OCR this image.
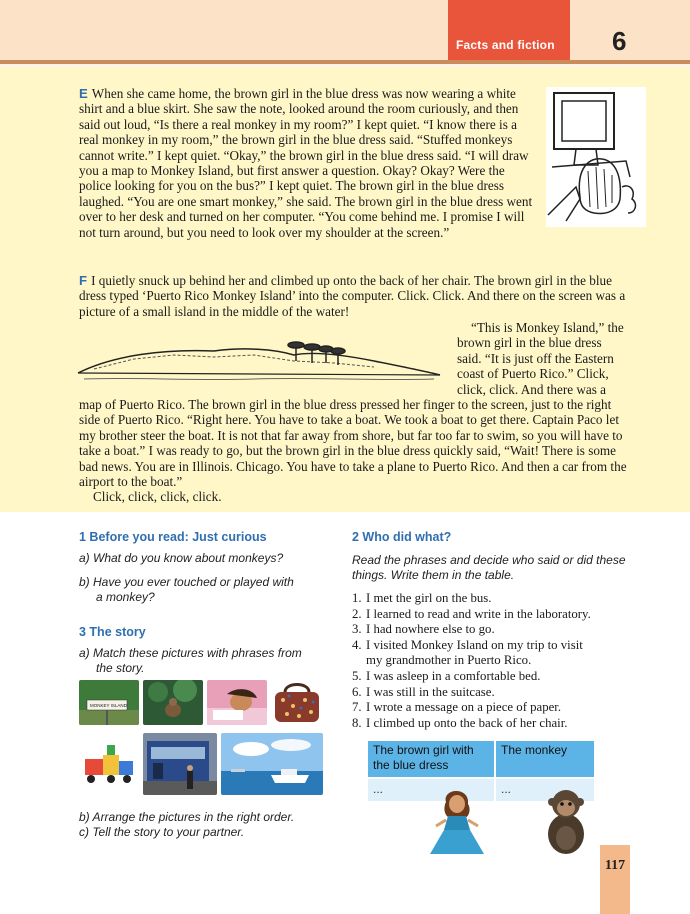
Facts and fiction 6

E When she came home, the brown girl in the blue dress was now wearing a white shirt and a blue skirt. She saw the note, looked around the room curiously, and then said out loud, “Is there a real monkey in my room?” I kept quiet. “I know there is a real monkey in my room,” the brown girl in the blue dress said. “Stuffed monkeys cannot write.” I kept quiet. “Okay,” the brown girl in the blue dress said. “I will draw you a map to Monkey Island, but first answer a question. Okay? Okay? Were the police looking for you on the bus?” I kept quiet. The brown girl in the blue dress laughed. “You are one smart monkey,” she said. The brown girl in the blue dress went over to her desk and turned on her computer. “You come behind me. I promise I will not turn around, but you need to look over my shoulder at the screen.”

F I quietly snuck up behind her and climbed up onto the back of her chair. The brown girl in the blue dress typed ‘Puerto Rico Monkey Island’ into the computer. Click. Click. And there on the screen was a picture of a small island in the middle of the water!

“This is Monkey Island,” the brown girl in the blue dress said. “It is just off the Eastern coast of Puerto Rico.” Click, click, click. And there was a

map of Puerto Rico. The brown girl in the blue dress pressed her finger to the screen, just to the right side of Puerto Rico. “Right here. You have to take a boat. We took a boat to get there. Captain Paco let my brother steer the boat. It is not that far away from shore, but far too far to swim, so you will have to take a boat.” I was ready to go, but the brown girl in the blue dress quickly said, “Wait! There is some bad news. You are in Illinois. Chicago. You have to take a plane to Puerto Rico. And then a car from the airport to the boat.”

Click, click, click, click.

1 Before you read: Just curious
a) What do you know about monkeys?
b) Have you ever touched or played with
a monkey?
3 The story
a) Match these pictures with phrases from
the story.
MONKEY ISLAND
b) Arrange the pictures in the right order.
c) Tell the story to your partner.
2 Who did what?
Read the phrases and decide who said or did these
things. Write them in the table.
1. I met the girl on the bus.
2. I learned to read and write in the laboratory.
3. I had nowhere else to go.
4. I visited Monkey Island on my trip to visit
my grandmother in Puerto Rico.
5. I was asleep in a comfortable bed.
6. I was still in the suitcase.
7. I wrote a message on a piece of paper.
8. I climbed up onto the back of her chair.
The brown girl with the blue dress
The monkey
...	...
117
